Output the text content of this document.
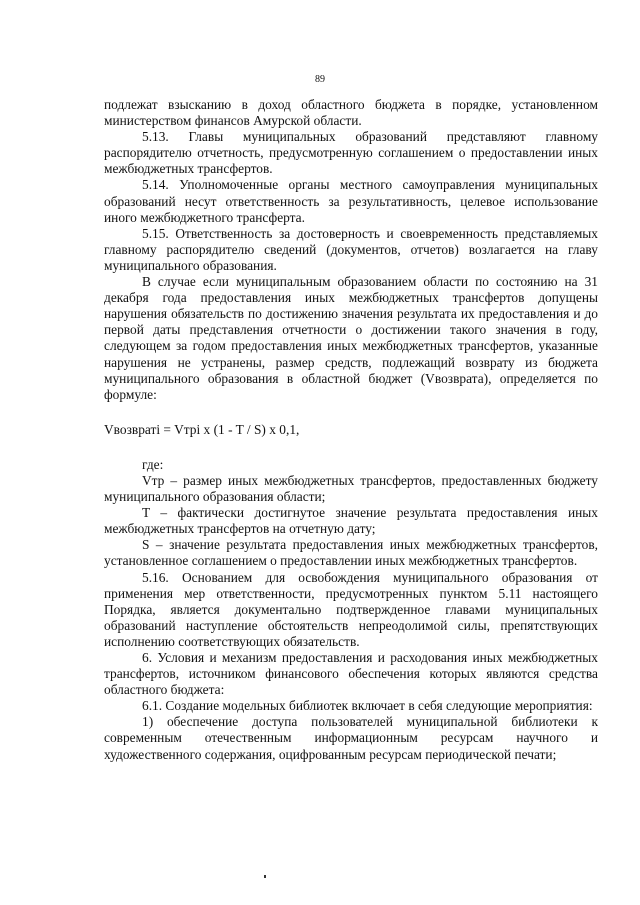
89

подлежат взысканию в доход областного бюджета в порядке, установленном министерством финансов Амурской области.

5.13. Главы муниципальных образований представляют главному распорядителю отчетность, предусмотренную соглашением о предоставлении иных межбюджетных трансфертов.

5.14. Уполномоченные органы местного самоуправления муниципальных образований несут ответственность за результативность, целевое использование иного межбюджетного трансферта.

5.15. Ответственность за достоверность и своевременность представляемых главному распорядителю сведений (документов, отчетов) возлагается на главу муниципального образования.

В случае если муниципальным образованием области по состоянию на 31 декабря года предоставления иных межбюджетных трансфертов допущены нарушения обязательств по достижению значения результата их предоставления и до первой даты представления отчетности о достижении такого значения в году, следующем за годом предоставления иных межбюджетных трансфертов, указанные нарушения не устранены, размер средств, подлежащий возврату из бюджета муниципального образования в областной бюджет (Vвозврата), определяется по формуле:

Vвозвратi = Vтрi x (1 - T / S) x 0,1,

где:

Vтр – размер иных межбюджетных трансфертов, предоставленных бюджету муниципального образования области;

T – фактически достигнутое значение результата предоставления иных межбюджетных трансфертов на отчетную дату;

S – значение результата предоставления иных межбюджетных трансфертов, установленное соглашением о предоставлении иных межбюджетных трансфертов.

5.16. Основанием для освобождения муниципального образования от применения мер ответственности, предусмотренных пунктом 5.11 настоящего Порядка, является документально подтвержденное главами муниципальных образований наступление обстоятельств непреодолимой силы, препятствующих исполнению соответствующих обязательств.

6. Условия и механизм предоставления и расходования иных межбюджетных трансфертов, источником финансового обеспечения которых являются средства областного бюджета:

6.1. Создание модельных библиотек включает в себя следующие мероприятия:

1) обеспечение доступа пользователей муниципальной библиотеки к современным отечественным информационным ресурсам научного и художественного содержания, оцифрованным ресурсам периодической печати;
